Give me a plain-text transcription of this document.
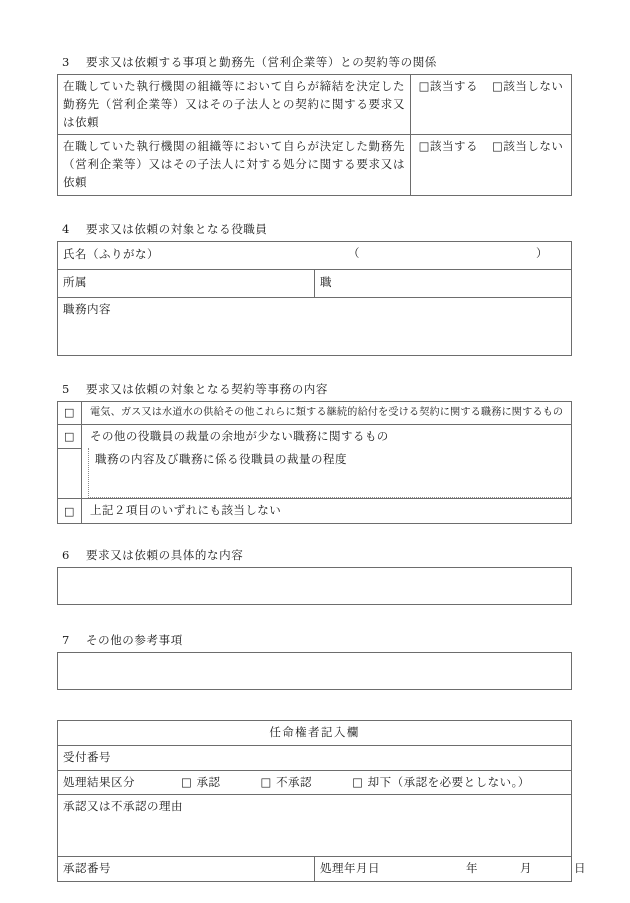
3 要求又は依頼する事項と勤務先（営利企業等）との契約等の関係
在職していた執行機関の組織等において自らが締結を決定した勤務先（営利企業等）又はその子法人との契約に関する要求又は依頼	□該当する □該当しない
在職していた執行機関の組織等において自らが決定した勤務先（営利企業等）又はその子法人に対する処分に関する要求又は依頼	□該当する □該当しない
4 要求又は依頼の対象となる役職員
氏名（ふりがな）	（	）

所属	職
職務内容
5 要求又は依頼の対象となる契約等事務の内容
□	電気、ガス又は水道水の供給その他これらに類する継続的給付を受ける契約に関する職務に関するもの
□	その他の役職員の裁量の余地が少ない職務に関するもの

	職務の内容及び職務に係る役職員の裁量の程度

□	上記２項目のいずれにも該当しない
6 要求又は依頼の具体的な内容
7 その他の参考事項
任命権者記入欄
受付番号
処理結果区分	□ 承認	□ 不承認	□ 却下（承認を必要としない。）
承認又は不承認の理由
承認番号	処理年月日	年	月	日
